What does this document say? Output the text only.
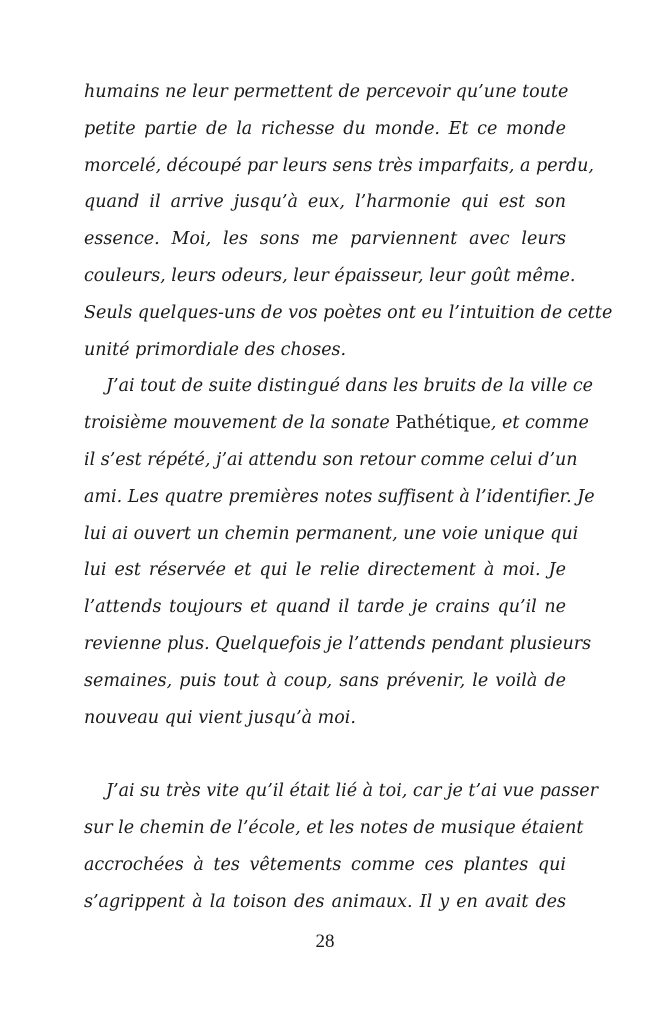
humains ne leur permettent de percevoir qu’une toute
petite partie de la richesse du monde. Et ce monde
morcelé, découpé par leurs sens très imparfaits, a perdu,
quand il arrive jusqu’à eux, l’harmonie qui est son
essence. Moi, les sons me parviennent avec leurs
couleurs, leurs odeurs, leur épaisseur, leur goût même.
Seuls quelques-uns de vos poètes ont eu l’intuition de cette
unité primordiale des choses.
J’ai tout de suite distingué dans les bruits de la ville ce
troisième mouvement de la sonate Pathétique, et comme
il s’est répété, j’ai attendu son retour comme celui d’un
ami. Les quatre premières notes suffisent à l’identifier. Je
lui ai ouvert un chemin permanent, une voie unique qui
lui est réservée et qui le relie directement à moi. Je
l’attends toujours et quand il tarde je crains qu’il ne
revienne plus. Quelquefois je l’attends pendant plusieurs
semaines, puis tout à coup, sans prévenir, le voilà de
nouveau qui vient jusqu’à moi.
J’ai su très vite qu’il était lié à toi, car je t’ai vue passer
sur le chemin de l’école, et les notes de musique étaient
accrochées à tes vêtements comme ces plantes qui
s’agrippent à la toison des animaux. Il y en avait des
28
